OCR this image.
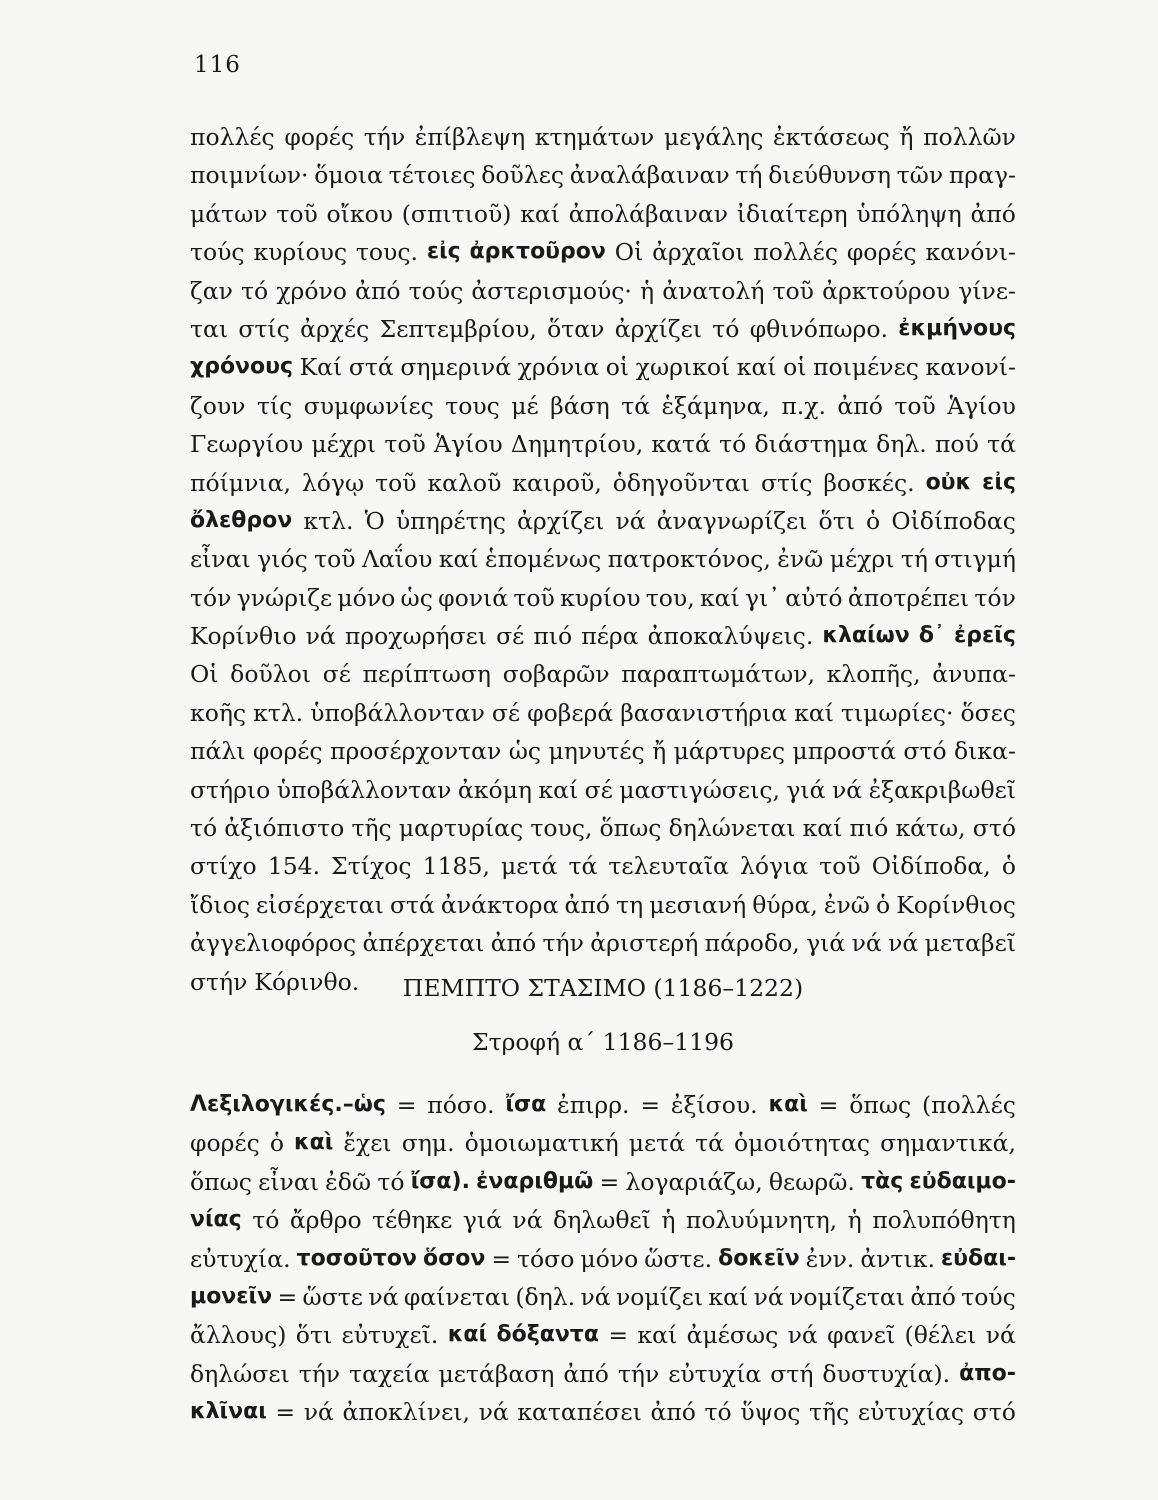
116
πολλές φορές τήν ἐπίβλεψη κτημάτων μεγάλης ἐκτάσεως ἤ πολλῶν
ποιμνίων· ὅμοια τέτοιες δοῦλες ἀναλάβαιναν τή διεύθυνση τῶν πραγ-
μάτων τοῦ οἴκου (σπιτιοῦ) καί ἀπολάβαιναν ἰδιαίτερη ὑπόληψη ἀπό
τούς κυρίους τους. εἰς ἀρκτοῦρον Οἱ ἀρχαῖοι πολλές φορές κανόνι-
ζαν τό χρόνο ἀπό τούς ἀστερισμούς· ἡ ἀνατολή τοῦ ἀρκτούρου γίνε-
ται στίς ἀρχές Σεπτεμβρίου, ὅταν ἀρχίζει τό φθινόπωρο. ἐκμήνους
χρόνους Καί στά σημερινά χρόνια οἱ χωρικοί καί οἱ ποιμένες κανονί-
ζουν τίς συμφωνίες τους μέ βάση τά ἑξάμηνα, π.χ. ἀπό τοῦ Ἁγίου
Γεωργίου μέχρι τοῦ Ἁγίου Δημητρίου, κατά τό διάστημα δηλ. πού τά
πόίμνια, λόγῳ τοῦ καλοῦ καιροῦ, ὁδηγοῦνται στίς βοσκές. οὐκ εἰς
ὄλεθρον κτλ. Ὁ ὑπηρέτης ἀρχίζει νά ἀναγνωρίζει ὅτι ὁ Οἰδίποδας
εἶναι γιός τοῦ Λαΐου καί ἑπομένως πατροκτόνος, ἐνῶ μέχρι τή στιγμή
τόν γνώριζε μόνο ὡς φονιά τοῦ κυρίου του, καί γι᾽ αὐτό ἀποτρέπει τόν
Κορίνθιο νά προχωρήσει σέ πιό πέρα ἀποκαλύψεις. κλαίων δ᾽ ἐρεῖς
Οἱ δοῦλοι σέ περίπτωση σοβαρῶν παραπτωμάτων, κλοπῆς, ἀνυπα-
κοῆς κτλ. ὑποβάλλονταν σέ φοβερά βασανιστήρια καί τιμωρίες· ὅσες
πάλι φορές προσέρχονταν ὡς μηνυτές ἤ μάρτυρες μπροστά στό δικα-
στήριο ὑποβάλλονταν ἀκόμη καί σέ μαστιγώσεις, γιά νά ἐξακριβωθεῖ
τό ἀξιόπιστο τῆς μαρτυρίας τους, ὅπως δηλώνεται καί πιό κάτω, στό
στίχο 154. Στίχος 1185, μετά τά τελευταῖα λόγια τοῦ Οἰδίποδα, ὁ
ἴδιος εἰσέρχεται στά ἀνάκτορα ἀπό τη μεσιανή θύρα, ἐνῶ ὁ Κορίνθιος
ἀγγελιοφόρος ἀπέρχεται ἀπό τήν ἀριστερή πάροδο, γιά νά νά μεταβεῖ
στήν Κόρινθο.	ΠΕΜΠΤΟ ΣΤΑΣΙΜΟ (1186–1222)
Στροφή α΄ 1186–1196
Λεξιλογικές.–ὡς = πόσο. ἴσα ἐπιρρ. = ἐξίσου. καὶ = ὅπως (πολλές
φορές ὁ καὶ ἔχει σημ. ὁμοιωματική μετά τά ὁμοιότητας σημαντικά,
ὅπως εἶναι ἐδῶ τό ἴσα). ἐναριθμῶ = λογαριάζω, θεωρῶ. τὰς εὐδαιμο-
νίας τό ἄρθρο τέθηκε γιά νά δηλωθεῖ ἡ πολυύμνητη, ἡ πολυπόθητη
εὐτυχία. τοσοῦτον ὅσον = τόσο μόνο ὥστε. δοκεῖν ἐνν. ἀντικ. εὐδαι-
μονεῖν = ὥστε νά φαίνεται (δηλ. νά νομίζει καί νά νομίζεται ἀπό τούς
ἄλλους) ὅτι εὐτυχεῖ. καί δόξαντα = καί ἀμέσως νά φανεῖ (θέλει νά
δηλώσει τήν ταχεία μετάβαση ἀπό τήν εὐτυχία στή δυστυχία). ἀπο-
κλῖναι = νά ἀποκλίνει, νά καταπέσει ἀπό τό ὕψος τῆς εὐτυχίας στό
